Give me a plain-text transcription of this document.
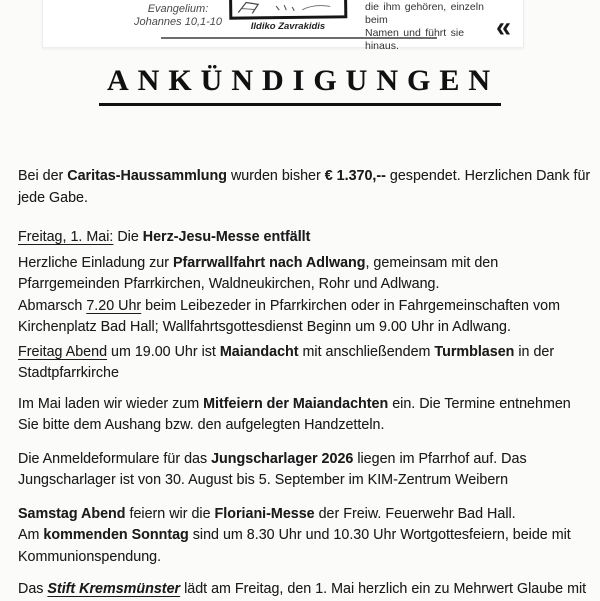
Evangelium:
Johannes 10,1-10	Ildiko Zavrakidis
die ihm gehören, einzeln beim
Namen und führt sie hinaus.
«
ANKÜNDIGUNGEN

Bei der Caritas-Haussammlung wurden bisher € 1.370,-- gespendet. Herzlichen Dank für
jede Gabe.

Freitag, 1. Mai: Die Herz-Jesu-Messe entfällt

Herzliche Einladung zur Pfarrwallfahrt nach Adlwang, gemeinsam mit den
Pfarrgemeinden Pfarrkirchen, Waldneukirchen, Rohr und Adlwang.
Abmarsch 7.20 Uhr beim Leibezeder in Pfarrkirchen oder in Fahrgemeinschaften vom
Kirchenplatz Bad Hall; Wallfahrtsgottesdienst Beginn um 9.00 Uhr in Adlwang.

Freitag Abend um 19.00 Uhr ist Maiandacht mit anschließendem Turmblasen in der
Stadtpfarrkirche

Im Mai laden wir wieder zum Mitfeiern der Maiandachten ein. Die Termine entnehmen
Sie bitte dem Aushang bzw. den aufgelegten Handzetteln.

Die Anmeldeformulare für das Jungscharlager 2026 liegen im Pfarrhof auf. Das
Jungscharlager ist von 30. August bis 5. September im KIM-Zentrum Weibern

Samstag Abend feiern wir die Floriani-Messe der Freiw. Feuerwehr Bad Hall.
Am kommenden Sonntag sind um 8.30 Uhr und 10.30 Uhr Wortgottesfeiern, beide mit
Kommunionspendung.

Das Stift Kremsmünster lädt am Freitag, den 1. Mai herzlich ein zu Mehrwert Glaube mit
